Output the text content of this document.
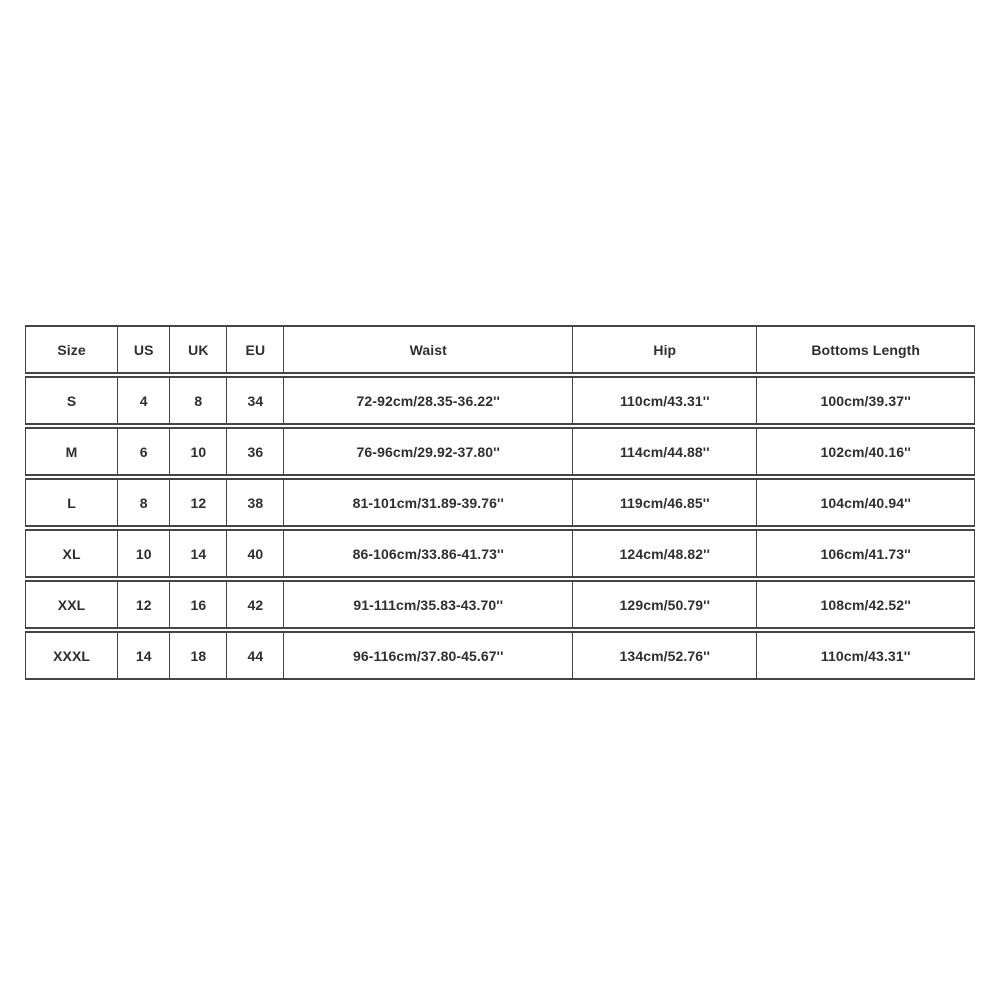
Size	US	UK	EU	Waist	Hip	Bottoms Length
S	4	8	34	72-92cm/28.35-36.22''	110cm/43.31''	100cm/39.37''
M	6	10	36	76-96cm/29.92-37.80''	114cm/44.88''	102cm/40.16''
L	8	12	38	81-101cm/31.89-39.76''	119cm/46.85''	104cm/40.94''
XL	10	14	40	86-106cm/33.86-41.73''	124cm/48.82''	106cm/41.73''
XXL	12	16	42	91-111cm/35.83-43.70''	129cm/50.79''	108cm/42.52''
XXXL	14	18	44	96-116cm/37.80-45.67''	134cm/52.76''	110cm/43.31''
